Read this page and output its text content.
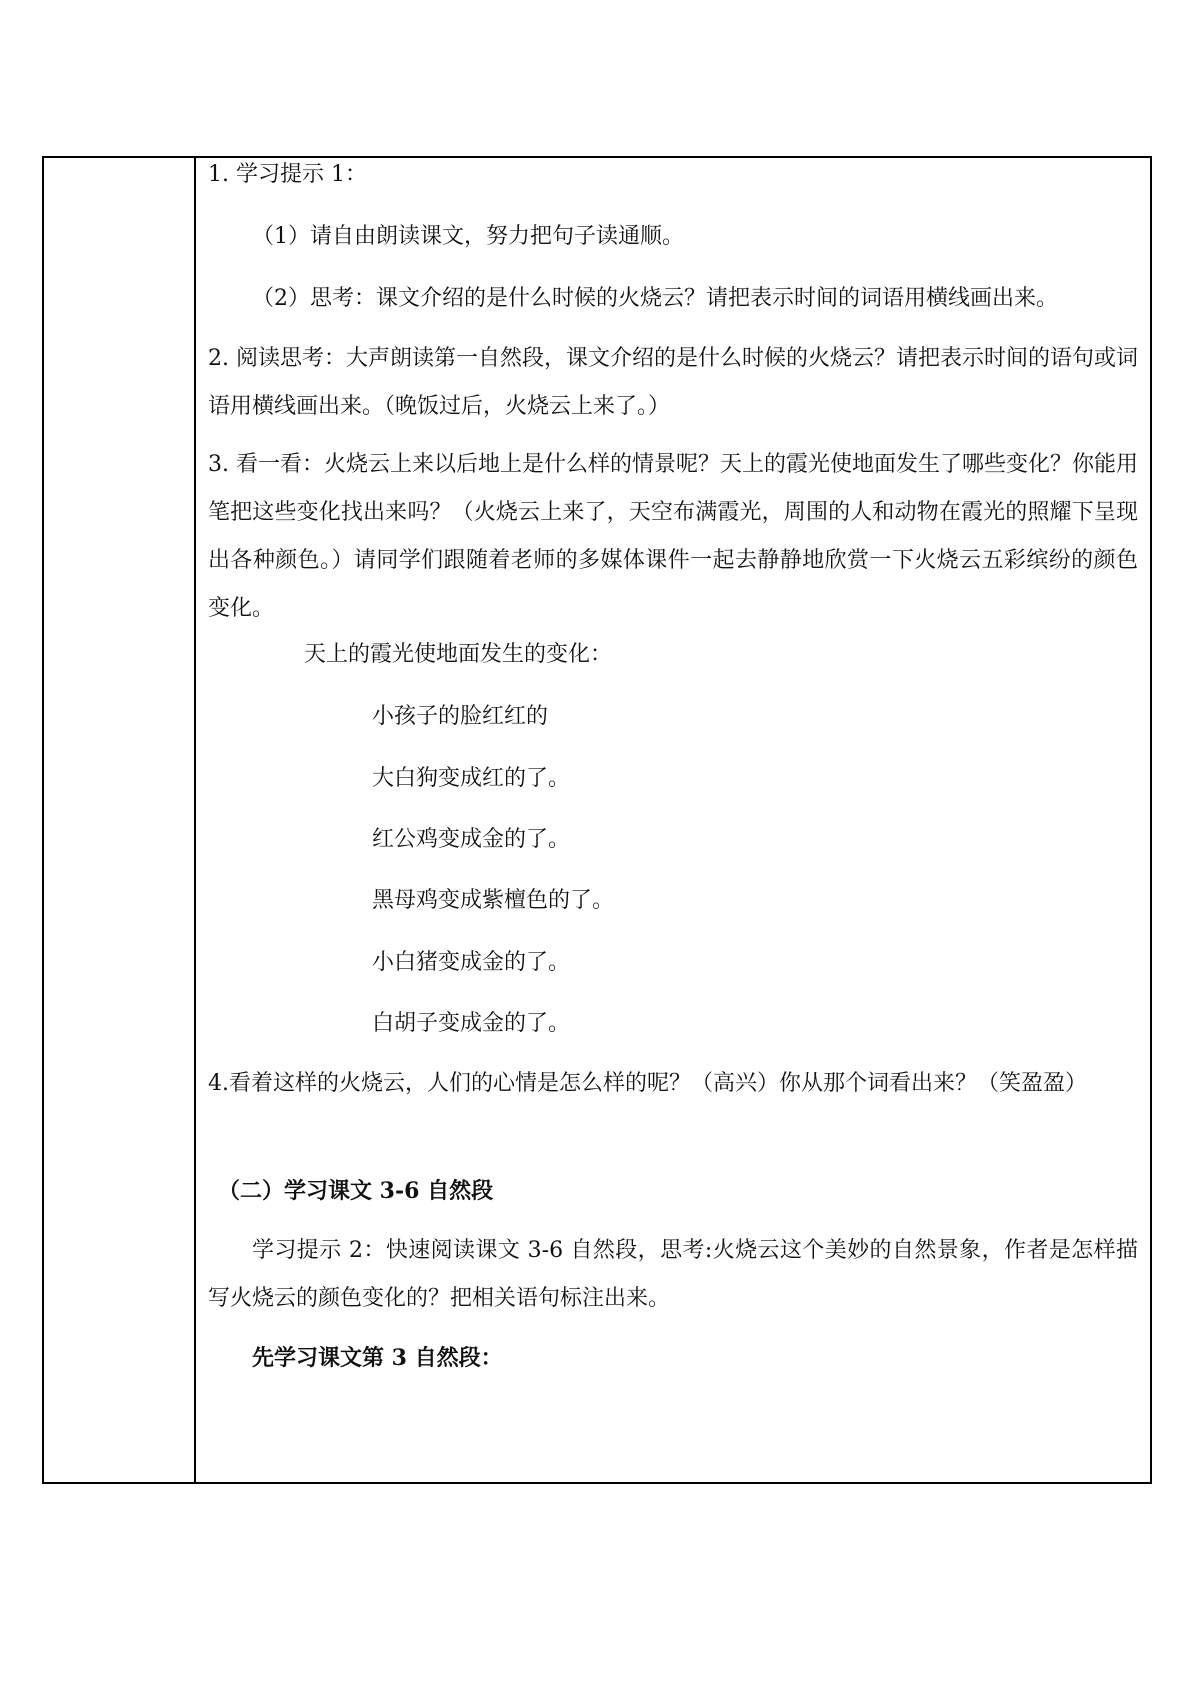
1. 学习提示 1：
（1）请自由朗读课文，努力把句子读通顺。
（2）思考：课文介绍的是什么时候的火烧云？请把表示时间的词语用横线画出来。
2. 阅读思考：大声朗读第一自然段，课文介绍的是什么时候的火烧云？请把表示时间的语句或词语用横线画出来。（晚饭过后，火烧云上来了。）
3. 看一看：火烧云上来以后地上是什么样的情景呢？天上的霞光使地面发生了哪些变化？你能用笔把这些变化找出来吗？（火烧云上来了，天空布满霞光，周围的人和动物在霞光的照耀下呈现出各种颜色。）请同学们跟随着老师的多媒体课件一起去静静地欣赏一下火烧云五彩缤纷的颜色变化。
天上的霞光使地面发生的变化：
小孩子的脸红红的
大白狗变成红的了。
红公鸡变成金的了。
黑母鸡变成紫檀色的了。
小白猪变成金的了。
白胡子变成金的了。
4.看着这样的火烧云，人们的心情是怎么样的呢？（高兴）你从那个词看出来？（笑盈盈）
（二）学习课文 3-6 自然段
学习提示 2：快速阅读课文 3-6 自然段，思考:火烧云这个美妙的自然景象，作者是怎样描写火烧云的颜色变化的？把相关语句标注出来。
先学习课文第 3 自然段：
